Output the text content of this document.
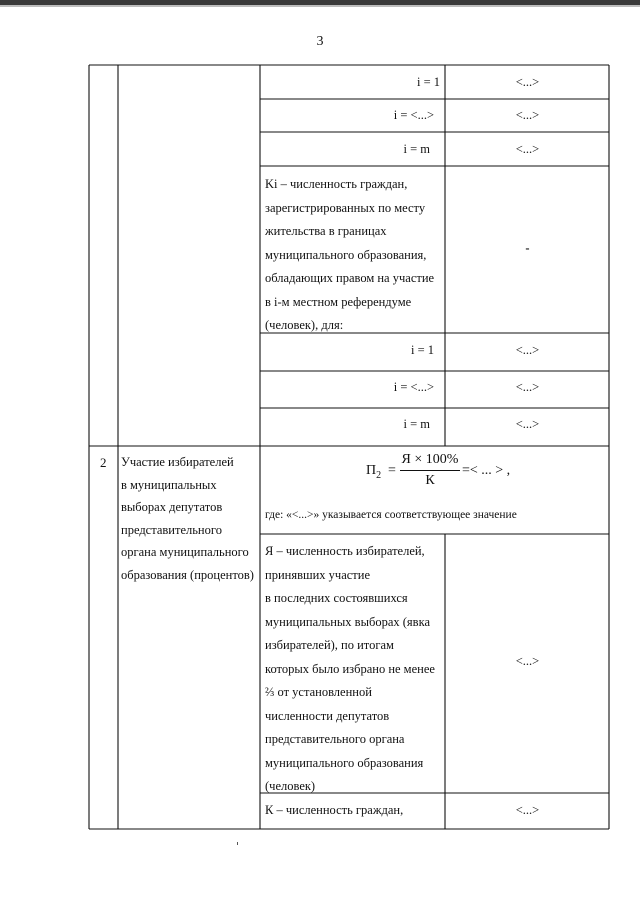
3
i = 1	<...>
i = <...>	<...>
i = m	<...>
Ki – численность граждан,
зарегистрированных по месту
жительства в границах
муниципального образования,
обладающих правом на участие
в i-м местном референдуме
(человек), для:
-
i = 1	<...>
i = <...>	<...>
i = m	<...>
2 Участие избирателей
в муниципальных
выборах депутатов
представительного
органа муниципального
образования (процентов)
$П_2$ =
Я × 100%
К
=< ... > ,
где: «<...>» указывается соответствующее значение
Я – численность избирателей,
принявших участие
в последних состоявшихся
муниципальных выборах (явка
избирателей), по итогам
которых было избрано не менее
⅔ от установленной
численности депутатов
представительного органа
муниципального образования
(человек)
<...>
К – численность граждан,	<...>
